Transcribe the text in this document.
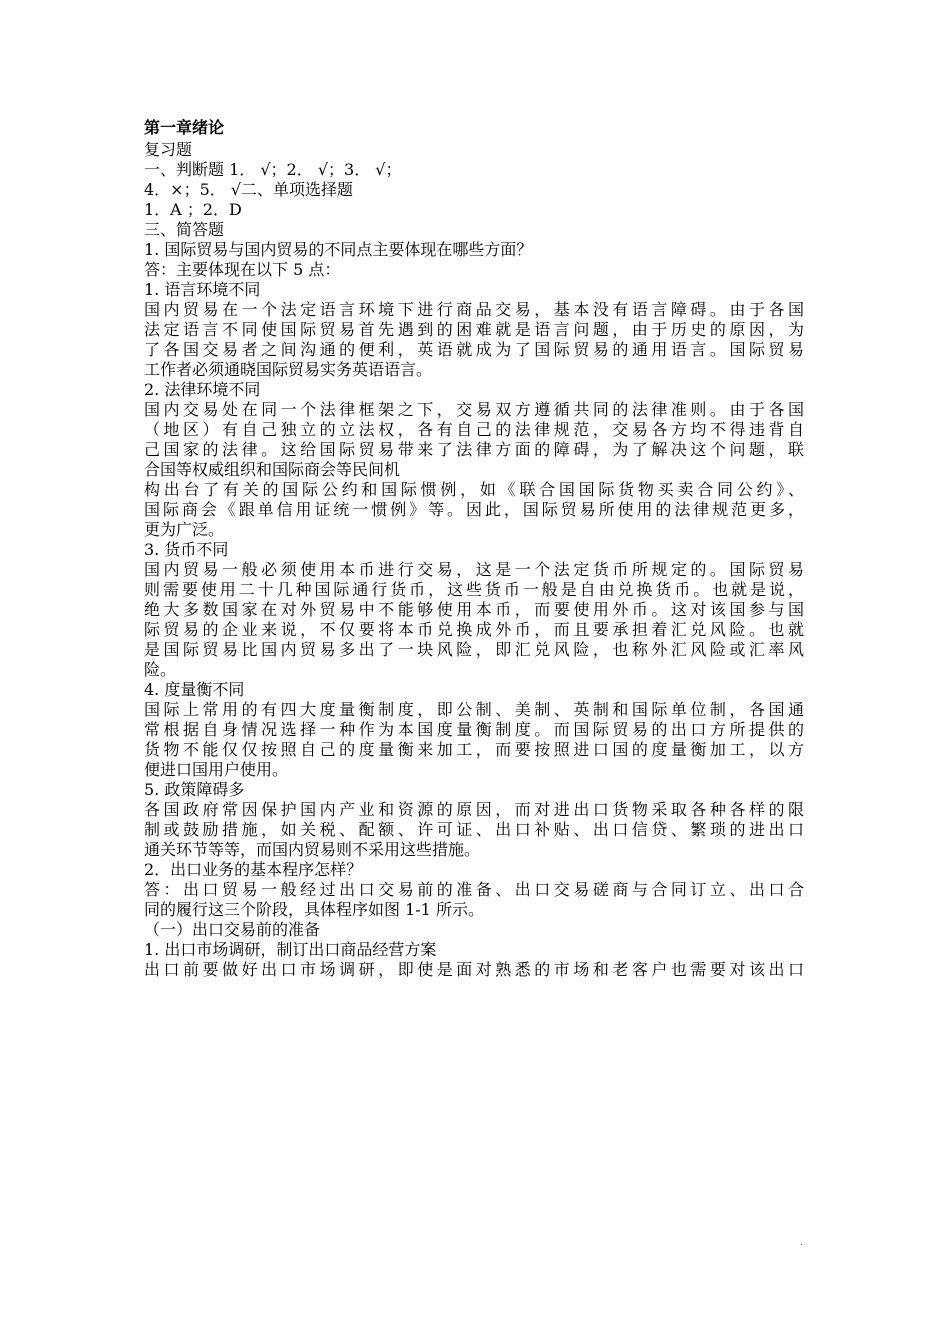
第一章绪论
复习题
一、判断题 1． √；2． √；3． √；
4．×；5． √二、单项选择题
1．A ；2．D
三、简答题
1. 国际贸易与国内贸易的不同点主要体现在哪些方面？
答：主要体现在以下 5 点：
1. 语言环境不同
国内贸易在一个法定语言环境下进行商品交易，基本没有语言障碍。由于各国
法定语言不同使国际贸易首先遇到的困难就是语言问题，由于历史的原因，为
了各国交易者之间沟通的便利，英语就成为了国际贸易的通用语言。国际贸易
工作者必须通晓国际贸易实务英语语言。
2. 法律环境不同
国内交易处在同一个法律框架之下，交易双方遵循共同的法律准则。由于各国
（地区）有自己独立的立法权，各有自己的法律规范，交易各方均不得违背自
己国家的法律。这给国际贸易带来了法律方面的障碍，为了解决这个问题，联
合国等权威组织和国际商会等民间机
构出台了有关的国际公约和国际惯例，如《联合国国际货物买卖合同公约》、
国际商会《跟单信用证统一惯例》等。因此，国际贸易所使用的法律规范更多，
更为广泛。
3. 货币不同
国内贸易一般必须使用本币进行交易，这是一个法定货币所规定的。国际贸易
则需要使用二十几种国际通行货币，这些货币一般是自由兑换货币。也就是说，
绝大多数国家在对外贸易中不能够使用本币，而要使用外币。这对该国参与国
际贸易的企业来说，不仅要将本币兑换成外币，而且要承担着汇兑风险。也就
是国际贸易比国内贸易多出了一块风险，即汇兑风险，也称外汇风险或汇率风
险。
4. 度量衡不同
国际上常用的有四大度量衡制度，即公制、美制、英制和国际单位制，各国通
常根据自身情况选择一种作为本国度量衡制度。而国际贸易的出口方所提供的
货物不能仅仅按照自己的度量衡来加工，而要按照进口国的度量衡加工，以方
便进口国用户使用。
5. 政策障碍多
各国政府常因保护国内产业和资源的原因，而对进出口货物采取各种各样的限
制或鼓励措施，如关税、配额、许可证、出口补贴、出口信贷、繁琐的进出口
通关环节等等，而国内贸易则不采用这些措施。
2．出口业务的基本程序怎样？
答：出口贸易一般经过出口交易前的准备、出口交易磋商与合同订立、出口合
同的履行这三个阶段，具体程序如图 1-1 所示。
（一）出口交易前的准备
1. 出口市场调研，制订出口商品经营方案
出口前要做好出口市场调研，即使是面对熟悉的市场和老客户也需要对该出口
.
